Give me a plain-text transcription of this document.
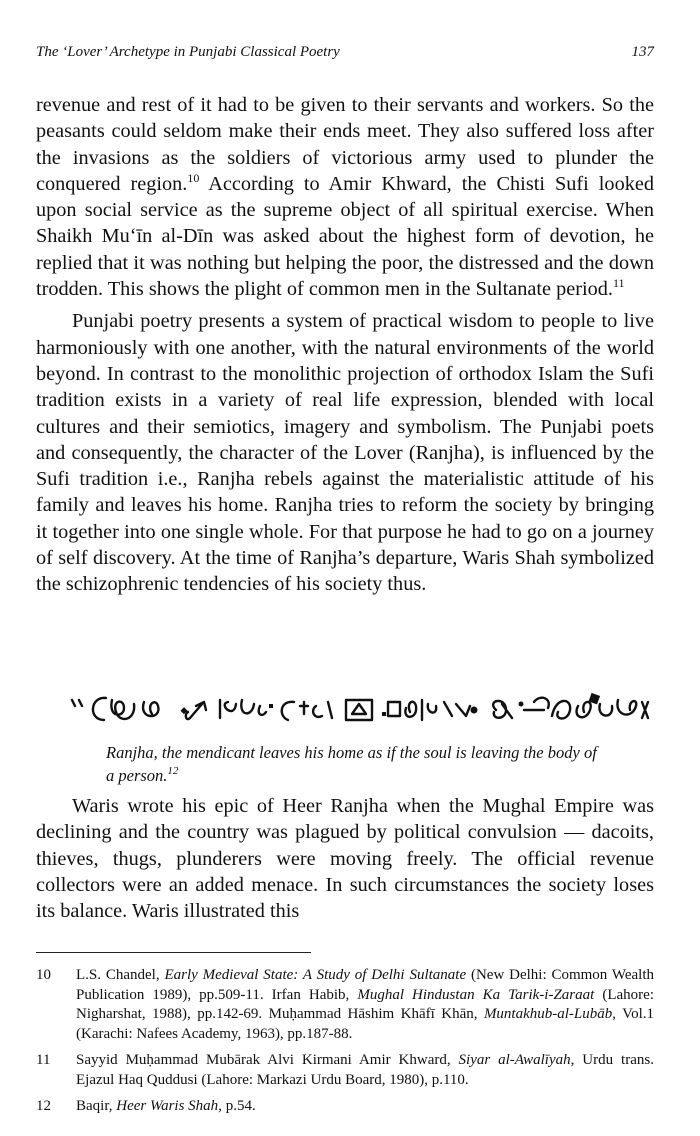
The ‘Lover’ Archetype in Punjabi Classical Poetry	137

revenue and rest of it had to be given to their servants and workers. So the peasants could seldom make their ends meet. They also suffered loss after the invasions as the soldiers of victorious army used to plunder the conquered region.$^{10}$ According to Amir Khward, the Chisti Sufi looked upon social service as the supreme object of all spiritual exercise. When Shaikh Mu‘īn al-Dīn was asked about the highest form of devotion, he replied that it was nothing but helping the poor, the distressed and the down trodden. This shows the plight of common men in the Sultanate period.$^{11}$

Punjabi poetry presents a system of practical wisdom to people to live harmoniously with one another, with the natural environments of the world beyond. In contrast to the monolithic projection of orthodox Islam the Sufi tradition exists in a variety of real life expression, blended with local cultures and their semiotics, imagery and symbolism. The Punjabi poets and consequently, the character of the Lover (Ranjha), is influenced by the Sufi tradition i.e., Ranjha rebels against the materialistic attitude of his family and leaves his home. Ranjha tries to reform the society by bringing it together into one single whole. For that purpose he had to go on a journey of self discovery. At the time of Ranjha’s departure, Waris Shah symbolized the schizophrenic tendencies of his society thus.

Ranjha, the mendicant leaves his home as if the soul is leaving the body of a person.$^{12}$

Waris wrote his epic of Heer Ranjha when the Mughal Empire was declining and the country was plagued by political convulsion — dacoits, thieves, thugs, plunderers were moving freely. The official revenue collectors were an added menace. In such circumstances the society loses its balance. Waris illustrated this

10	L.S. Chandel, Early Medieval State: A Study of Delhi Sultanate (New Delhi: Common Wealth Publication 1989), pp.509-11. Irfan Habib, Mughal Hindustan Ka Tarik-i-Zaraat (Lahore: Nigharshat, 1988), pp.142-69. Muḥammad Hāshim Khāfī Khān, Muntakhub-al-Lubāb, Vol.1 (Karachi: Nafees Academy, 1963), pp.187-88.
11	Sayyid Muḥammad Mubārak Alvi Kirmani Amir Khward, Siyar al-Awalīyah, Urdu trans. Ejazul Haq Quddusi (Lahore: Markazi Urdu Board, 1980), p.110.
12	Baqir, Heer Waris Shah, p.54.
